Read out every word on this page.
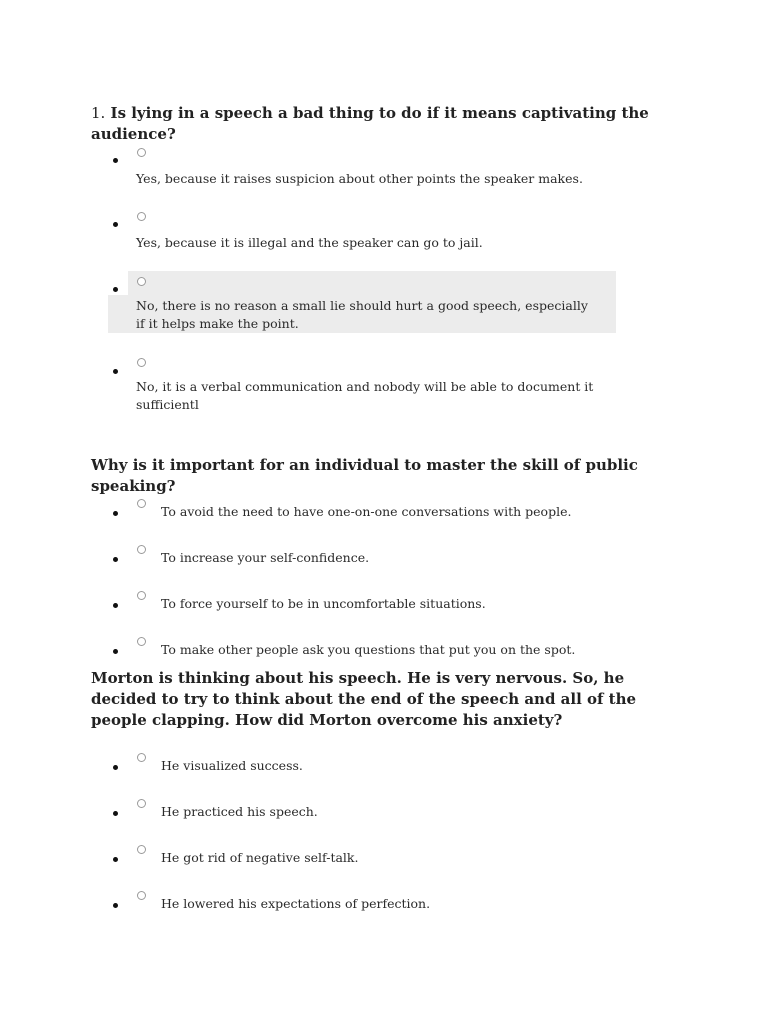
1. Is lying in a speech a bad thing to do if it means captivating the audience?

Yes, because it raises suspicion about other points the speaker makes.
Yes, because it is illegal and the speaker can go to jail.
No, there is no reason a small lie should hurt a good speech, especially if it helps make the point.
No, it is a verbal communication and nobody will be able to document it sufficientl

Why is it important for an individual to master the skill of public speaking?

To avoid the need to have one-on-one conversations with people.
To increase your self-confidence.
To force yourself to be in uncomfortable situations.
To make other people ask you questions that put you on the spot.

Morton is thinking about his speech. He is very nervous. So, he decided to try to think about the end of the speech and all of the people clapping. How did Morton overcome his anxiety?

He visualized success.
He practiced his speech.
He got rid of negative self-talk.
He lowered his expectations of perfection.
